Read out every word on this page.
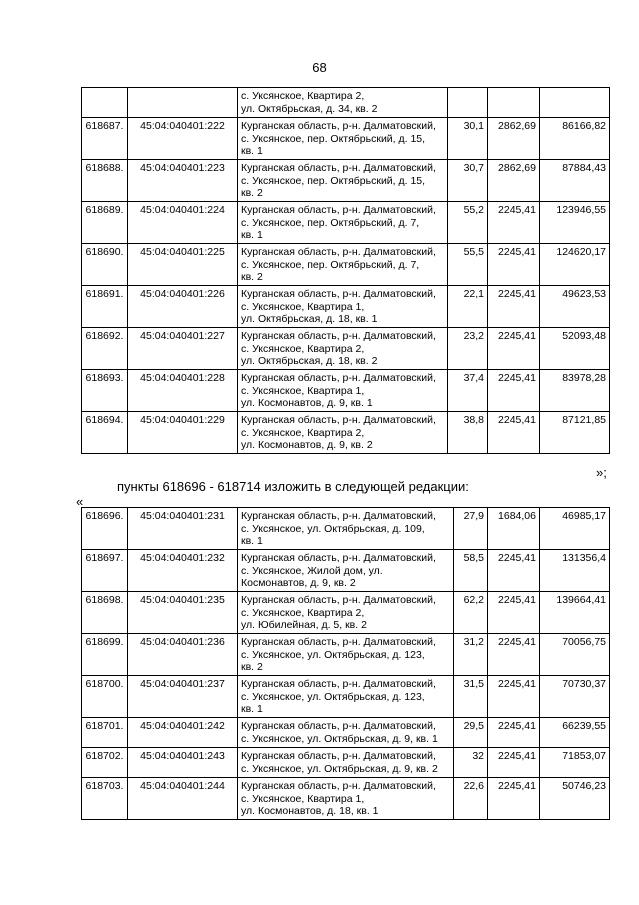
68
		с. Уксянское, Квартира 2,
ул. Октябрьская, д. 34, кв. 2			
618687.	45:04:040401:222	Курганская область, р-н. Далматовский,
с. Уксянское, пер. Октябрьский, д. 15,
кв. 1	30,1	2862,69	86166,82
618688.	45:04:040401:223	Курганская область, р-н. Далматовский,
с. Уксянское, пер. Октябрьский, д. 15,
кв. 2	30,7	2862,69	87884,43
618689.	45:04:040401:224	Курганская область, р-н. Далматовский,
с. Уксянское, пер. Октябрьский, д. 7,
кв. 1	55,2	2245,41	123946,55
618690.	45:04:040401:225	Курганская область, р-н. Далматовский,
с. Уксянское, пер. Октябрьский, д. 7,
кв. 2	55,5	2245,41	124620,17
618691.	45:04:040401:226	Курганская область, р-н. Далматовский,
с. Уксянское, Квартира 1,
ул. Октябрьская, д. 18, кв. 1	22,1	2245,41	49623,53
618692.	45:04:040401:227	Курганская область, р-н. Далматовский,
с. Уксянское, Квартира 2,
ул. Октябрьская, д. 18, кв. 2	23,2	2245,41	52093,48
618693.	45:04:040401:228	Курганская область, р-н. Далматовский,
с. Уксянское, Квартира 1,
ул. Космонавтов, д. 9, кв. 1	37,4	2245,41	83978,28
618694.	45:04:040401:229	Курганская область, р-н. Далматовский,
с. Уксянское, Квартира 2,
ул. Космонавтов, д. 9, кв. 2	38,8	2245,41	87121,85
»;
пункты 618696 - 618714 изложить в следующей редакции:
«
618696.	45:04:040401:231	Курганская область, р-н. Далматовский,
с. Уксянское, ул. Октябрьская, д. 109,
кв. 1	27,9	1684,06	46985,17
618697.	45:04:040401:232	Курганская область, р-н. Далматовский,
с. Уксянское, Жилой дом, ул.
Космонавтов, д. 9, кв. 2	58,5	2245,41	131356,4
618698.	45:04:040401:235	Курганская область, р-н. Далматовский,
с. Уксянское, Квартира 2,
ул. Юбилейная, д. 5, кв. 2	62,2	2245,41	139664,41
618699.	45:04:040401:236	Курганская область, р-н. Далматовский,
с. Уксянское, ул. Октябрьская, д. 123,
кв. 2	31,2	2245,41	70056,75
618700.	45:04:040401:237	Курганская область, р-н. Далматовский,
с. Уксянское, ул. Октябрьская, д. 123,
кв. 1	31,5	2245,41	70730,37
618701.	45:04:040401:242	Курганская область, р-н. Далматовский,
с. Уксянское, ул. Октябрьская, д. 9, кв. 1	29,5	2245,41	66239,55
618702.	45:04:040401:243	Курганская область, р-н. Далматовский,
с. Уксянское, ул. Октябрьская, д. 9, кв. 2	32	2245,41	71853,07
618703.	45:04:040401:244	Курганская область, р-н. Далматовский,
с. Уксянское, Квартира 1,
ул. Космонавтов, д. 18, кв. 1	22,6	2245,41	50746,23
